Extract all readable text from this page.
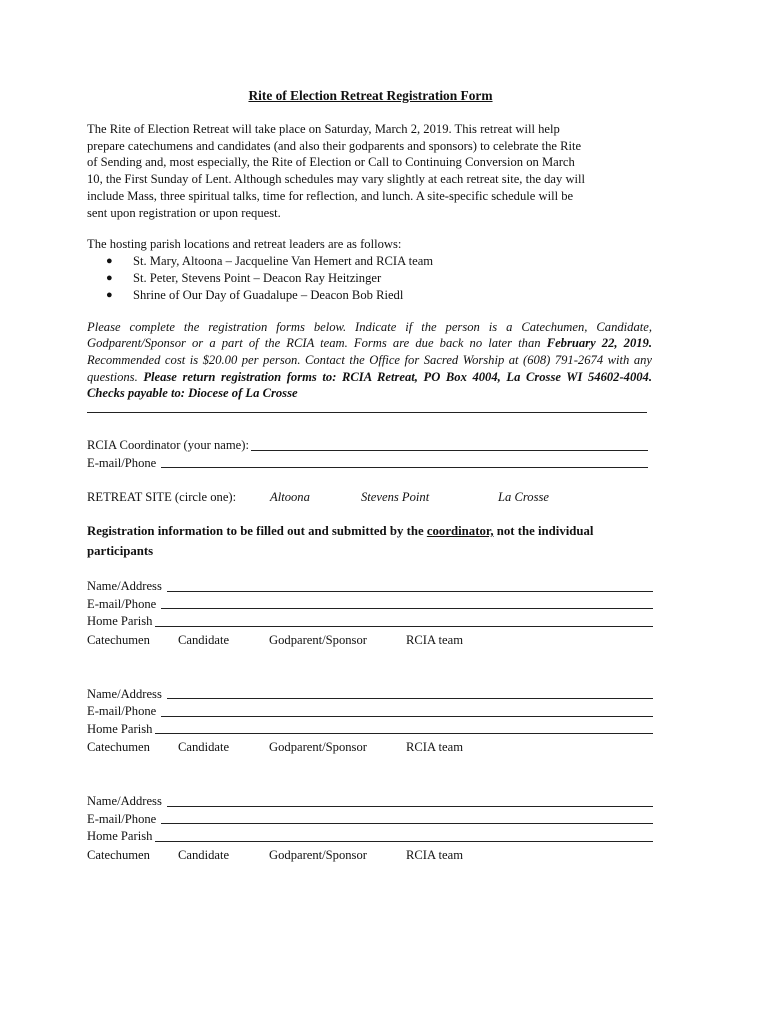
Rite of Election Retreat Registration Form
The Rite of Election Retreat will take place on Saturday, March 2, 2019. This retreat will help
prepare catechumens and candidates (and also their godparents and sponsors) to celebrate the Rite
of Sending and, most especially, the Rite of Election or Call to Continuing Conversion on March
10, the First Sunday of Lent. Although schedules may vary slightly at each retreat site, the day will
include Mass, three spiritual talks, time for reflection, and lunch. A site-specific schedule will be
sent upon registration or upon request.
The hosting parish locations and retreat leaders are as follows:
● St. Mary, Altoona – Jacqueline Van Hemert and RCIA team
● St. Peter, Stevens Point – Deacon Ray Heitzinger
● Shrine of Our Day of Guadalupe – Deacon Bob Riedl
Please complete the registration forms below. Indicate if the person is a Catechumen, Candidate, Godparent/Sponsor or a part of the RCIA team. Forms are due back no later than February 22, 2019. Recommended cost is $20.00 per person. Contact the Office for Sacred Worship at (608) 791-2674 with any questions. Please return registration forms to: RCIA Retreat, PO Box 4004, La Crosse WI 54602-4004. Checks payable to: Diocese of La Crosse
RCIA Coordinator (your name):
E-mail/Phone
RETREAT SITE (circle one):	Altoona	Stevens Point	La Crosse
Registration information to be filled out and submitted by the coordinator, not the individual participants
Name/Address
E-mail/Phone
Home Parish
Catechumen	Candidate	Godparent/Sponsor	RCIA team
Name/Address
E-mail/Phone
Home Parish
Catechumen	Candidate	Godparent/Sponsor	RCIA team
Name/Address
E-mail/Phone
Home Parish
Catechumen	Candidate	Godparent/Sponsor	RCIA team
